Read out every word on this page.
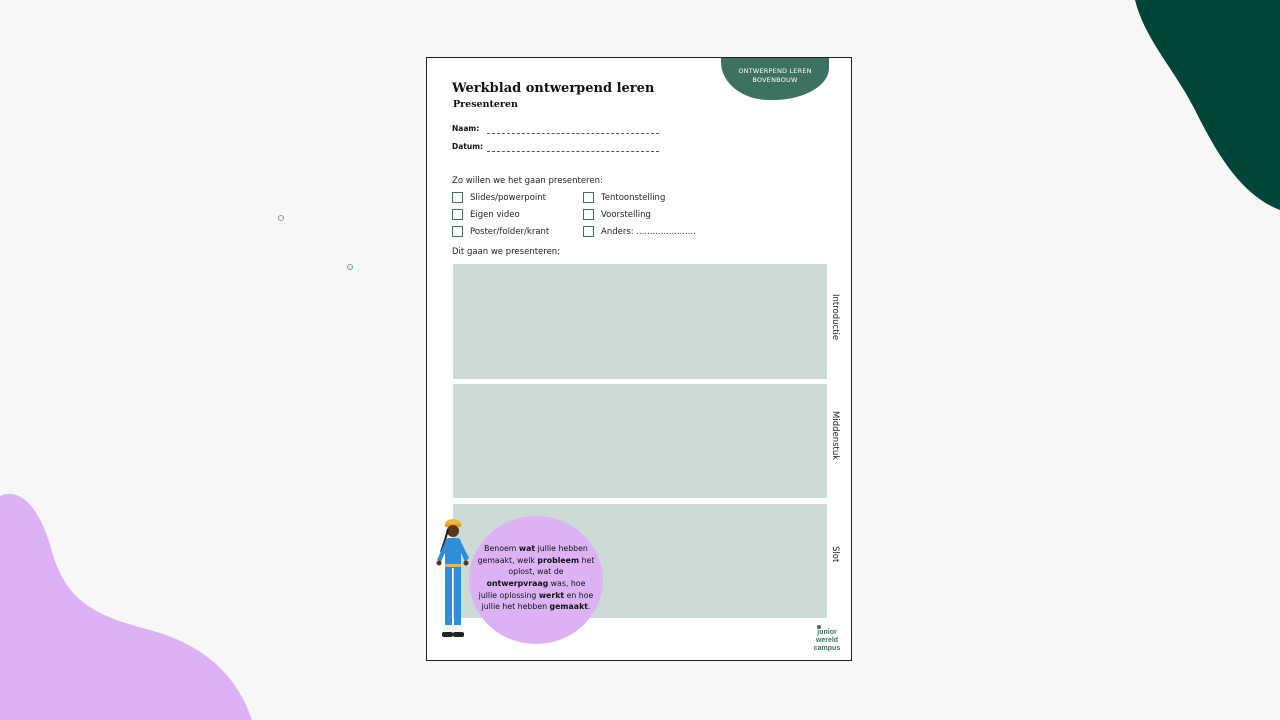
ONTWERPEND LEREN BOVENBOUW
Werkblad ontwerpend leren
Presenteren
Naam:
Datum:
Zo willen we het gaan presenteren:
Slides/powerpoint
Eigen video
Poster/folder/krant
Tentoonstelling
Voorstelling
Anders: ......................
Dit gaan we presenteren:
Introductie
Middenstuk
Slot
Benoem wat jullie hebben gemaakt, welk probleem het oplost, wat de ontwerpvraag was, hoe jullie oplossing werkt en hoe jullie het hebben gemaakt.
junior
wereld
campus
